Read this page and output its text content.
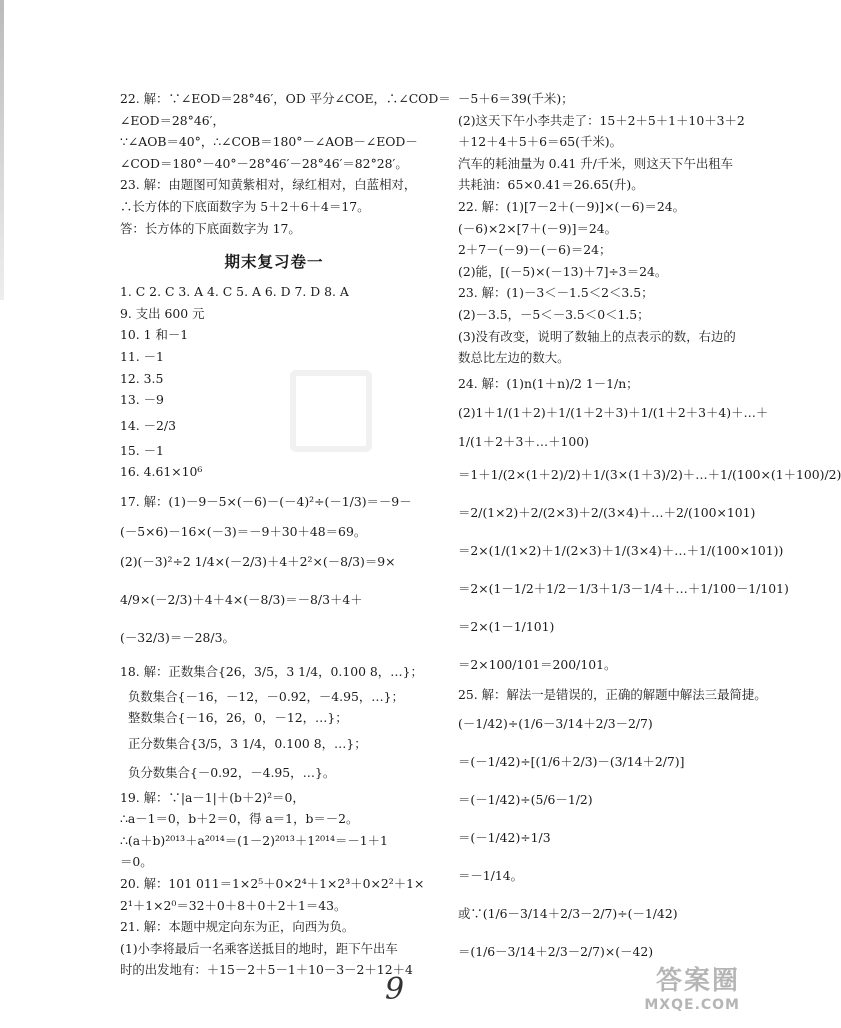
22. 解：∵∠EOD＝28°46′，OD 平分∠COE，∴∠COD＝
∠EOD＝28°46′，
∵∠AOB＝40°，∴∠COB＝180°－∠AOB－∠EOD－
∠COD＝180°－40°－28°46′－28°46′＝82°28′。
23. 解：由题图可知黄紫相对，绿红相对，白蓝相对，
∴长方体的下底面数字为 5＋2＋6＋4＝17。
答：长方体的下底面数字为 17。
期末复习卷一
1. C 2. C 3. A 4. C 5. A 6. D 7. D 8. A
9. 支出 600 元
10. 1 和－1
11. －1
12. 3.5
13. －9
14. －2/3
15. －1
16. 4.61×10⁶
17. 解：(1)－9－5×(－6)－(－4)²÷(－1/3)＝－9－
(－5×6)－16×(－3)＝－9＋30＋48＝69。
(2)(－3)²÷2 1/4×(－2/3)＋4＋2²×(－8/3)＝9×
4/9×(－2/3)＋4＋4×(－8/3)＝－8/3＋4＋
(－32/3)＝－28/3。
18. 解：正数集合{26，3/5，3 1/4，0.100 8，…}；
负数集合{－16，－12，－0.92，－4.95，…}；
整数集合{－16，26，0，－12，…}；
正分数集合{3/5，3 1/4，0.100 8，…}；
负分数集合{－0.92，－4.95，…}。
19. 解：∵|a－1|＋(b＋2)²＝0，
∴a－1＝0，b＋2＝0，得 a＝1，b＝－2。
∴(a＋b)²⁰¹³＋a²⁰¹⁴＝(1－2)²⁰¹³＋1²⁰¹⁴＝－1＋1
＝0。
20. 解：101 011＝1×2⁵＋0×2⁴＋1×2³＋0×2²＋1×
2¹＋1×2⁰＝32＋0＋8＋0＋2＋1＝43。
21. 解：本题中规定向东为正，向西为负。
(1)小李将最后一名乘客送抵目的地时，距下午出车
时的出发地有：＋15－2＋5－1＋10－3－2＋12＋4
－5＋6＝39(千米)；
(2)这天下午小李共走了：15＋2＋5＋1＋10＋3＋2
＋12＋4＋5＋6＝65(千米)。
汽车的耗油量为 0.41 升/千米，则这天下午出租车
共耗油：65×0.41＝26.65(升)。
22. 解：(1)[7－2＋(－9)]×(－6)＝24。
(－6)×2×[7＋(－9)]＝24。
2＋7－(－9)－(－6)＝24；
(2)能，[(－5)×(－13)＋7]÷3＝24。
23. 解：(1)－3＜－1.5＜2＜3.5；
(2)－3.5，－5＜－3.5＜0＜1.5；
(3)没有改变，说明了数轴上的点表示的数，右边的
数总比左边的数大。
24. 解：(1)n(1＋n)/2 1－1/n；
(2)1＋1/(1＋2)＋1/(1＋2＋3)＋1/(1＋2＋3＋4)＋…＋
1/(1＋2＋3＋…＋100)
＝1＋1/(2×(1＋2)/2)＋1/(3×(1＋3)/2)＋…＋1/(100×(1＋100)/2)
＝2/(1×2)＋2/(2×3)＋2/(3×4)＋…＋2/(100×101)
＝2×(1/(1×2)＋1/(2×3)＋1/(3×4)＋…＋1/(100×101))
＝2×(1－1/2＋1/2－1/3＋1/3－1/4＋…＋1/100－1/101)
＝2×(1－1/101)
＝2×100/101＝200/101。
25. 解：解法一是错误的，正确的解题中解法三最简捷。
(－1/42)÷(1/6－3/14＋2/3－2/7)
＝(－1/42)÷[(1/6＋2/3)－(3/14＋2/7)]
＝(－1/42)÷(5/6－1/2)
＝(－1/42)÷1/3
＝－1/14。
或∵(1/6－3/14＋2/3－2/7)÷(－1/42)
＝(1/6－3/14＋2/3－2/7)×(－42)
9	答案圈
MXQE.COM
